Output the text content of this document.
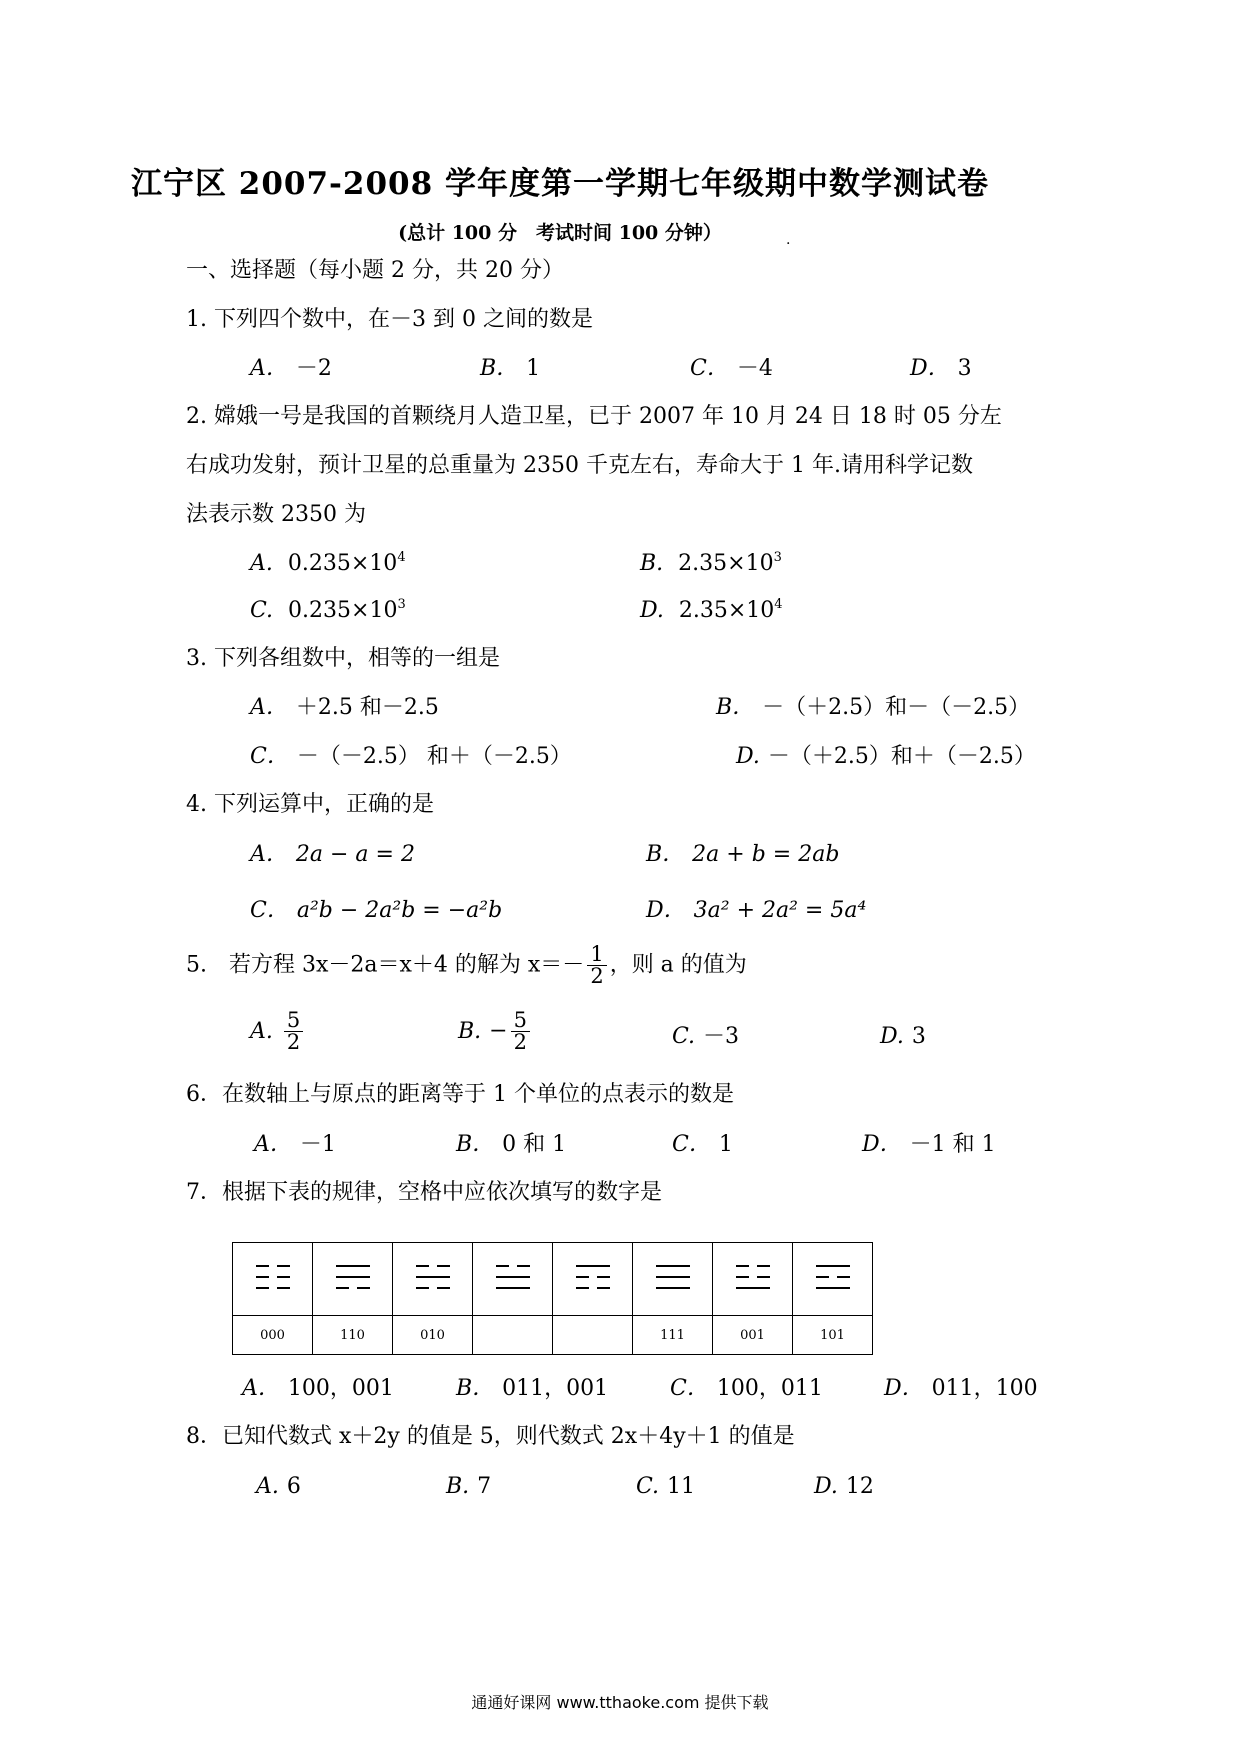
江宁区 2007-2008 学年度第一学期七年级期中数学测试卷
(总计 100 分　考试时间 100 分钟）	.
一、选择题（每小题 2 分，共 20 分）
1. 下列四个数中，在－3 到 0 之间的数是
A． －2	B． 1	C． －4	D． 3
2. 嫦娥一号是我国的首颗绕月人造卫星，已于 2007 年 10 月 24 日 18 时 05 分左
右成功发射，预计卫星的总重量为 2350 千克左右，寿命大于 1 年.请用科学记数
法表示数 2350 为
A. $0.235\times 10^4$	B. $2.35\times 10^3$
C. $0.235\times 10^3$	D. $2.35\times 10^4$
3. 下列各组数中，相等的一组是
A． ＋2.5 和－2.5	B． －（＋2.5）和－（－2.5）
C． －（－2.5） 和＋（－2.5）	D. －（＋2.5）和＋（－2.5）
4. 下列运算中，正确的是
A． 2a − a = 2	B． 2a + b = 2ab
C． a²b − 2a²b = −a²b	D． 3a² + 2a² = 5a⁴
5.　若方程 3x－2a＝x＋4 的解为 $x=- \frac{1}{2}$ ，则 a 的值为
A. $\frac{5}{2}$	B. − $\frac{5}{2}$	C. －3	D. 3
6．在数轴上与原点的距离等于 1 个单位的点表示的数是
A． －1	B． 0 和 1	C． 1	D． －1 和 1
7．根据下表的规律，空格中应依次填写的数字是

000	110	010			111	001	101
A． 100，001	B． 011，001	C． 100，011	D． 011，100
8．已知代数式 x＋2y 的值是 5，则代数式 2x＋4y＋1 的值是
A. 6	B. 7	C. 11	D. 12
通通好课网 www.tthaoke.com 提供下载
